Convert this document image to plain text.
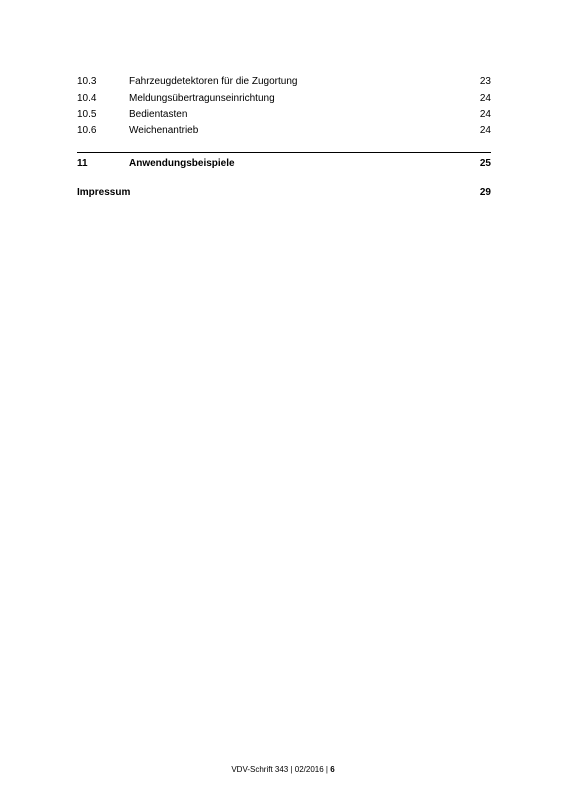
10.3	Fahrzeugdetektoren für die Zugortung	23
10.4	Meldungsübertragunseinrichtung	24
10.5	Bedientasten	24
10.6	Weichenantrieb	24
11	Anwendungsbeispiele	25
Impressum	29
VDV-Schrift 343 | 02/2016 | 6
